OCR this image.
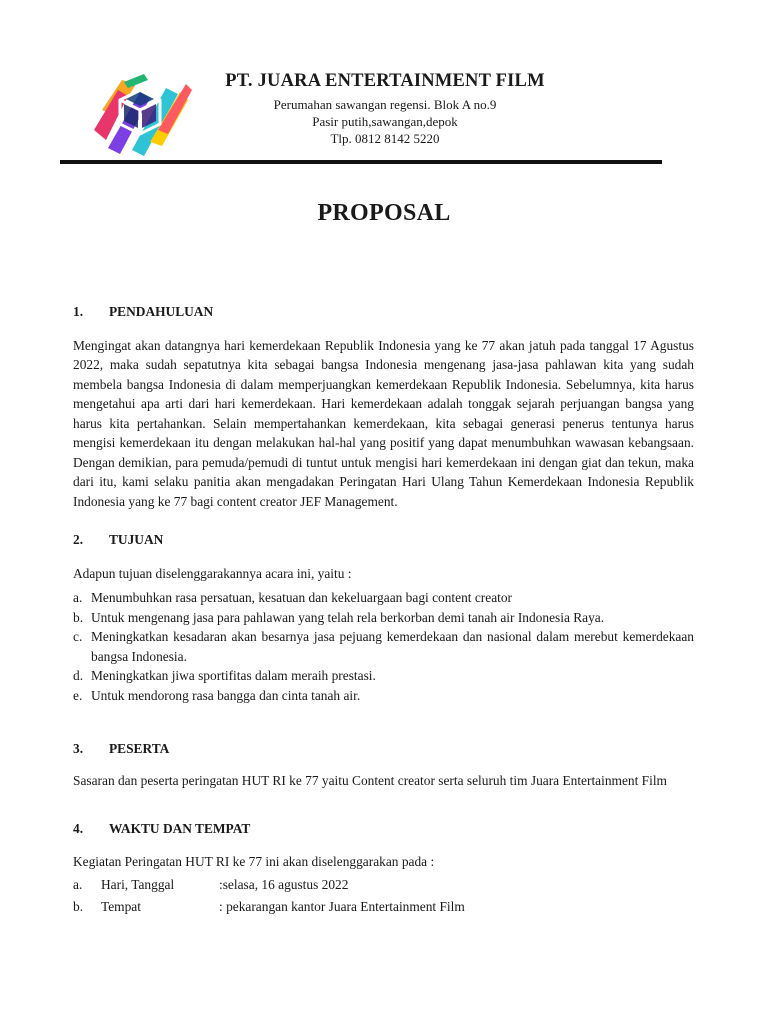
PT. JUARA ENTERTAINMENT FILM

Perumahan sawangan regensi. Blok A no.9

Pasir putih,sawangan,depok

Tlp. 0812 8142 5220

PROPOSAL
1.	PENDAHULUAN

Mengingat akan datangnya hari kemerdekaan Republik Indonesia yang ke 77 akan jatuh pada tanggal 17 Agustus 2022, maka sudah sepatutnya kita sebagai bangsa Indonesia mengenang jasa-jasa pahlawan kita yang sudah membela bangsa Indonesia di dalam memperjuangkan kemerdekaan Republik Indonesia. Sebelumnya, kita harus mengetahui apa arti dari hari kemerdekaan. Hari kemerdekaan adalah tonggak sejarah perjuangan bangsa yang harus kita pertahankan. Selain mempertahankan kemerdekaan, kita sebagai generasi penerus tentunya harus mengisi kemerdekaan itu dengan melakukan hal-hal yang positif yang dapat menumbuhkan wawasan kebangsaan. Dengan demikian, para pemuda/pemudi di tuntut untuk mengisi hari kemerdekaan ini dengan giat dan tekun, maka dari itu, kami selaku panitia akan mengadakan Peringatan Hari Ulang Tahun Kemerdekaan Indonesia Republik Indonesia yang ke 77 bagi content creator JEF Management.

2.	TUJUAN

Adapun tujuan diselenggarakannya acara ini, yaitu :

a. Menumbuhkan rasa persatuan, kesatuan dan kekeluargaan bagi content creator
b. Untuk mengenang jasa para pahlawan yang telah rela berkorban demi tanah air Indonesia Raya.
c. Meningkatkan kesadaran akan besarnya jasa pejuang kemerdekaan dan nasional dalam merebut kemerdekaan bangsa Indonesia.
d. Meningkatkan jiwa sportifitas dalam meraih prestasi.
e. Untuk mendorong rasa bangga dan cinta tanah air.
3.	PESERTA

Sasaran dan peserta peringatan HUT RI ke 77 yaitu Content creator serta seluruh tim Juara Entertainment Film

4.	WAKTU DAN TEMPAT

Kegiatan Peringatan HUT RI ke 77 ini akan diselenggarakan pada :

a.	Hari, Tanggal	:selasa, 16 agustus 2022
b.	Tempat	: pekarangan kantor Juara Entertainment Film
